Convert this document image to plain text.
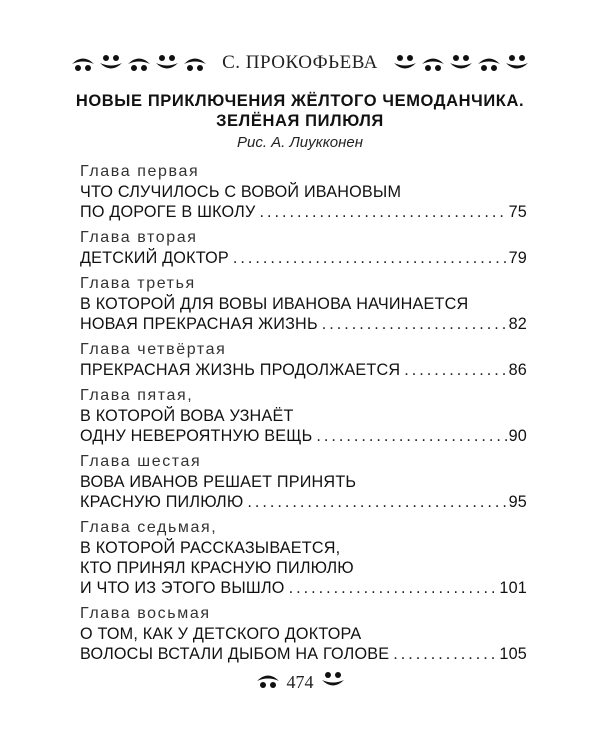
С. ПРОКОФЬЕВА
НОВЫЕ ПРИКЛЮЧЕНИЯ ЖЁЛТОГО ЧЕМОДАНЧИКА.
ЗЕЛЁНАЯ ПИЛЮЛЯ
Рис. А. Лиукконен
Глава первая
ЧТО СЛУЧИЛОСЬ С ВОВОЙ ИВАНОВЫМ
ПО ДОРОГЕ В ШКОЛУ .....	75
Глава вторая
ДЕТСКИЙ ДОКТОР .....	79
Глава третья
В КОТОРОЙ ДЛЯ ВОВЫ ИВАНОВА НАЧИНАЕТСЯ
НОВАЯ ПРЕКРАСНАЯ ЖИЗНЬ .....	82
Глава четвёртая
ПРЕКРАСНАЯ ЖИЗНЬ ПРОДОЛЖАЕТСЯ .....	86
Глава пятая,
В КОТОРОЙ ВОВА УЗНАЁТ
ОДНУ НЕВЕРОЯТНУЮ ВЕЩЬ .....	90
Глава шестая
ВОВА ИВАНОВ РЕШАЕТ ПРИНЯТЬ
КРАСНУЮ ПИЛЮЛЮ .....	95
Глава седьмая,
В КОТОРОЙ РАССКАЗЫВАЕТСЯ,
КТО ПРИНЯЛ КРАСНУЮ ПИЛЮЛЮ
И ЧТО ИЗ ЭТОГО ВЫШЛО .....	101
Глава восьмая
О ТОМ, КАК У ДЕТСКОГО ДОКТОРА
ВОЛОСЫ ВСТАЛИ ДЫБОМ НА ГОЛОВЕ .....	105
474
